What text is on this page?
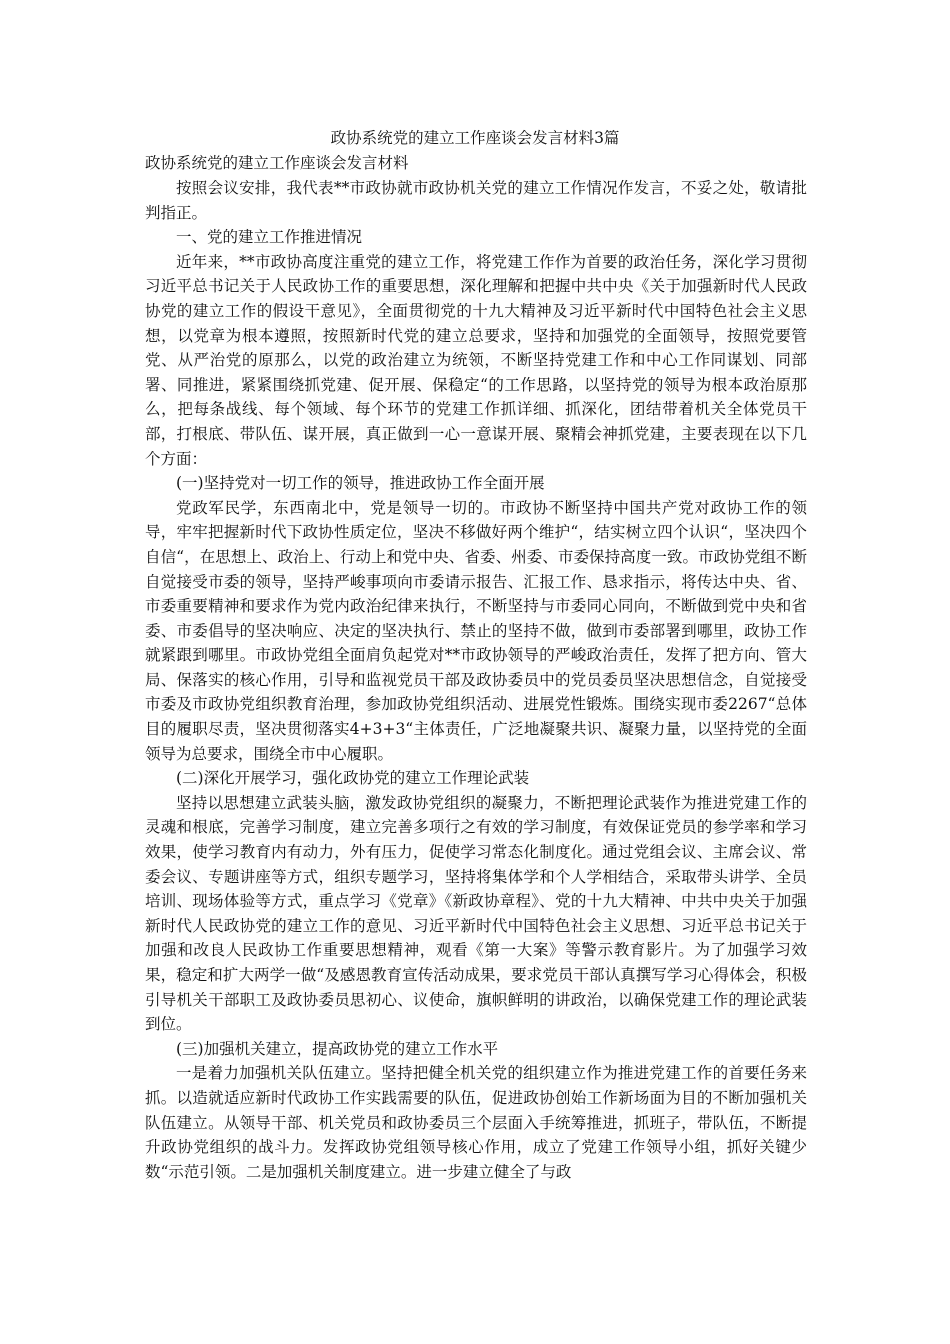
政协系统党的建立工作座谈会发言材料3篇
政协系统党的建立工作座谈会发言材料

按照会议安排，我代表**市政协就市政协机关党的建立工作情况作发言，不妥之处，敬请批判指正。

一、党的建立工作推进情况

近年来，**市政协高度注重党的建立工作，将党建工作作为首要的政治任务，深化学习贯彻习近平总书记关于人民政协工作的重要思想，深化理解和把握中共中央《关于加强新时代人民政协党的建立工作的假设干意见》，全面贯彻党的十九大精神及习近平新时代中国特色社会主义思想，以党章为根本遵照，按照新时代党的建立总要求，坚持和加强党的全面领导，按照党要管党、从严治党的原那么，以党的政治建立为统领，不断坚持党建工作和中心工作同谋划、同部署、同推进，紧紧围绕抓党建、促开展、保稳定“的工作思路，以坚持党的领导为根本政治原那么，把每条战线、每个领域、每个环节的党建工作抓详细、抓深化，团结带着机关全体党员干部，打根底、带队伍、谋开展，真正做到一心一意谋开展、聚精会神抓党建，主要表现在以下几个方面：

(一)坚持党对一切工作的领导，推进政协工作全面开展

党政军民学，东西南北中，党是领导一切的。市政协不断坚持中国共产党对政协工作的领导，牢牢把握新时代下政协性质定位，坚决不移做好两个维护“，结实树立四个认识“，坚决四个自信“，在思想上、政治上、行动上和党中央、省委、州委、市委保持高度一致。市政协党组不断自觉接受市委的领导，坚持严峻事项向市委请示报告、汇报工作、恳求指示，将传达中央、省、市委重要精神和要求作为党内政治纪律来执行，不断坚持与市委同心同向，不断做到党中央和省委、市委倡导的坚决响应、决定的坚决执行、禁止的坚持不做，做到市委部署到哪里，政协工作就紧跟到哪里。市政协党组全面肩负起党对**市政协领导的严峻政治责任，发挥了把方向、管大局、保落实的核心作用，引导和监视党员干部及政协委员中的党员委员坚决思想信念，自觉接受市委及市政协党组织教育治理，参加政协党组织活动、进展党性锻炼。围绕实现市委2267“总体目的履职尽责，坚决贯彻落实4+3+3“主体责任，广泛地凝聚共识、凝聚力量，以坚持党的全面领导为总要求，围绕全市中心履职。

(二)深化开展学习，强化政协党的建立工作理论武装

坚持以思想建立武装头脑，激发政协党组织的凝聚力，不断把理论武装作为推进党建工作的灵魂和根底，完善学习制度，建立完善多项行之有效的学习制度，有效保证党员的参学率和学习效果，使学习教育内有动力，外有压力，促使学习常态化制度化。通过党组会议、主席会议、常委会议、专题讲座等方式，组织专题学习，坚持将集体学和个人学相结合，采取带头讲学、全员培训、现场体验等方式，重点学习《党章》《新政协章程》、党的十九大精神、中共中央关于加强新时代人民政协党的建立工作的意见、习近平新时代中国特色社会主义思想、习近平总书记关于加强和改良人民政协工作重要思想精神，观看《第一大案》等警示教育影片。为了加强学习效果，稳定和扩大两学一做“及感恩教育宣传活动成果，要求党员干部认真撰写学习心得体会，积极引导机关干部职工及政协委员思初心、议使命，旗帜鲜明的讲政治，以确保党建工作的理论武装到位。

(三)加强机关建立，提高政协党的建立工作水平

一是着力加强机关队伍建立。坚持把健全机关党的组织建立作为推进党建工作的首要任务来抓。以造就适应新时代政协工作实践需要的队伍，促进政协创始工作新场面为目的不断加强机关队伍建立。从领导干部、机关党员和政协委员三个层面入手统筹推进，抓班子，带队伍，不断提升政协党组织的战斗力。发挥政协党组领导核心作用，成立了党建工作领导小组，抓好关键少数“示范引领。二是加强机关制度建立。进一步建立健全了与政
